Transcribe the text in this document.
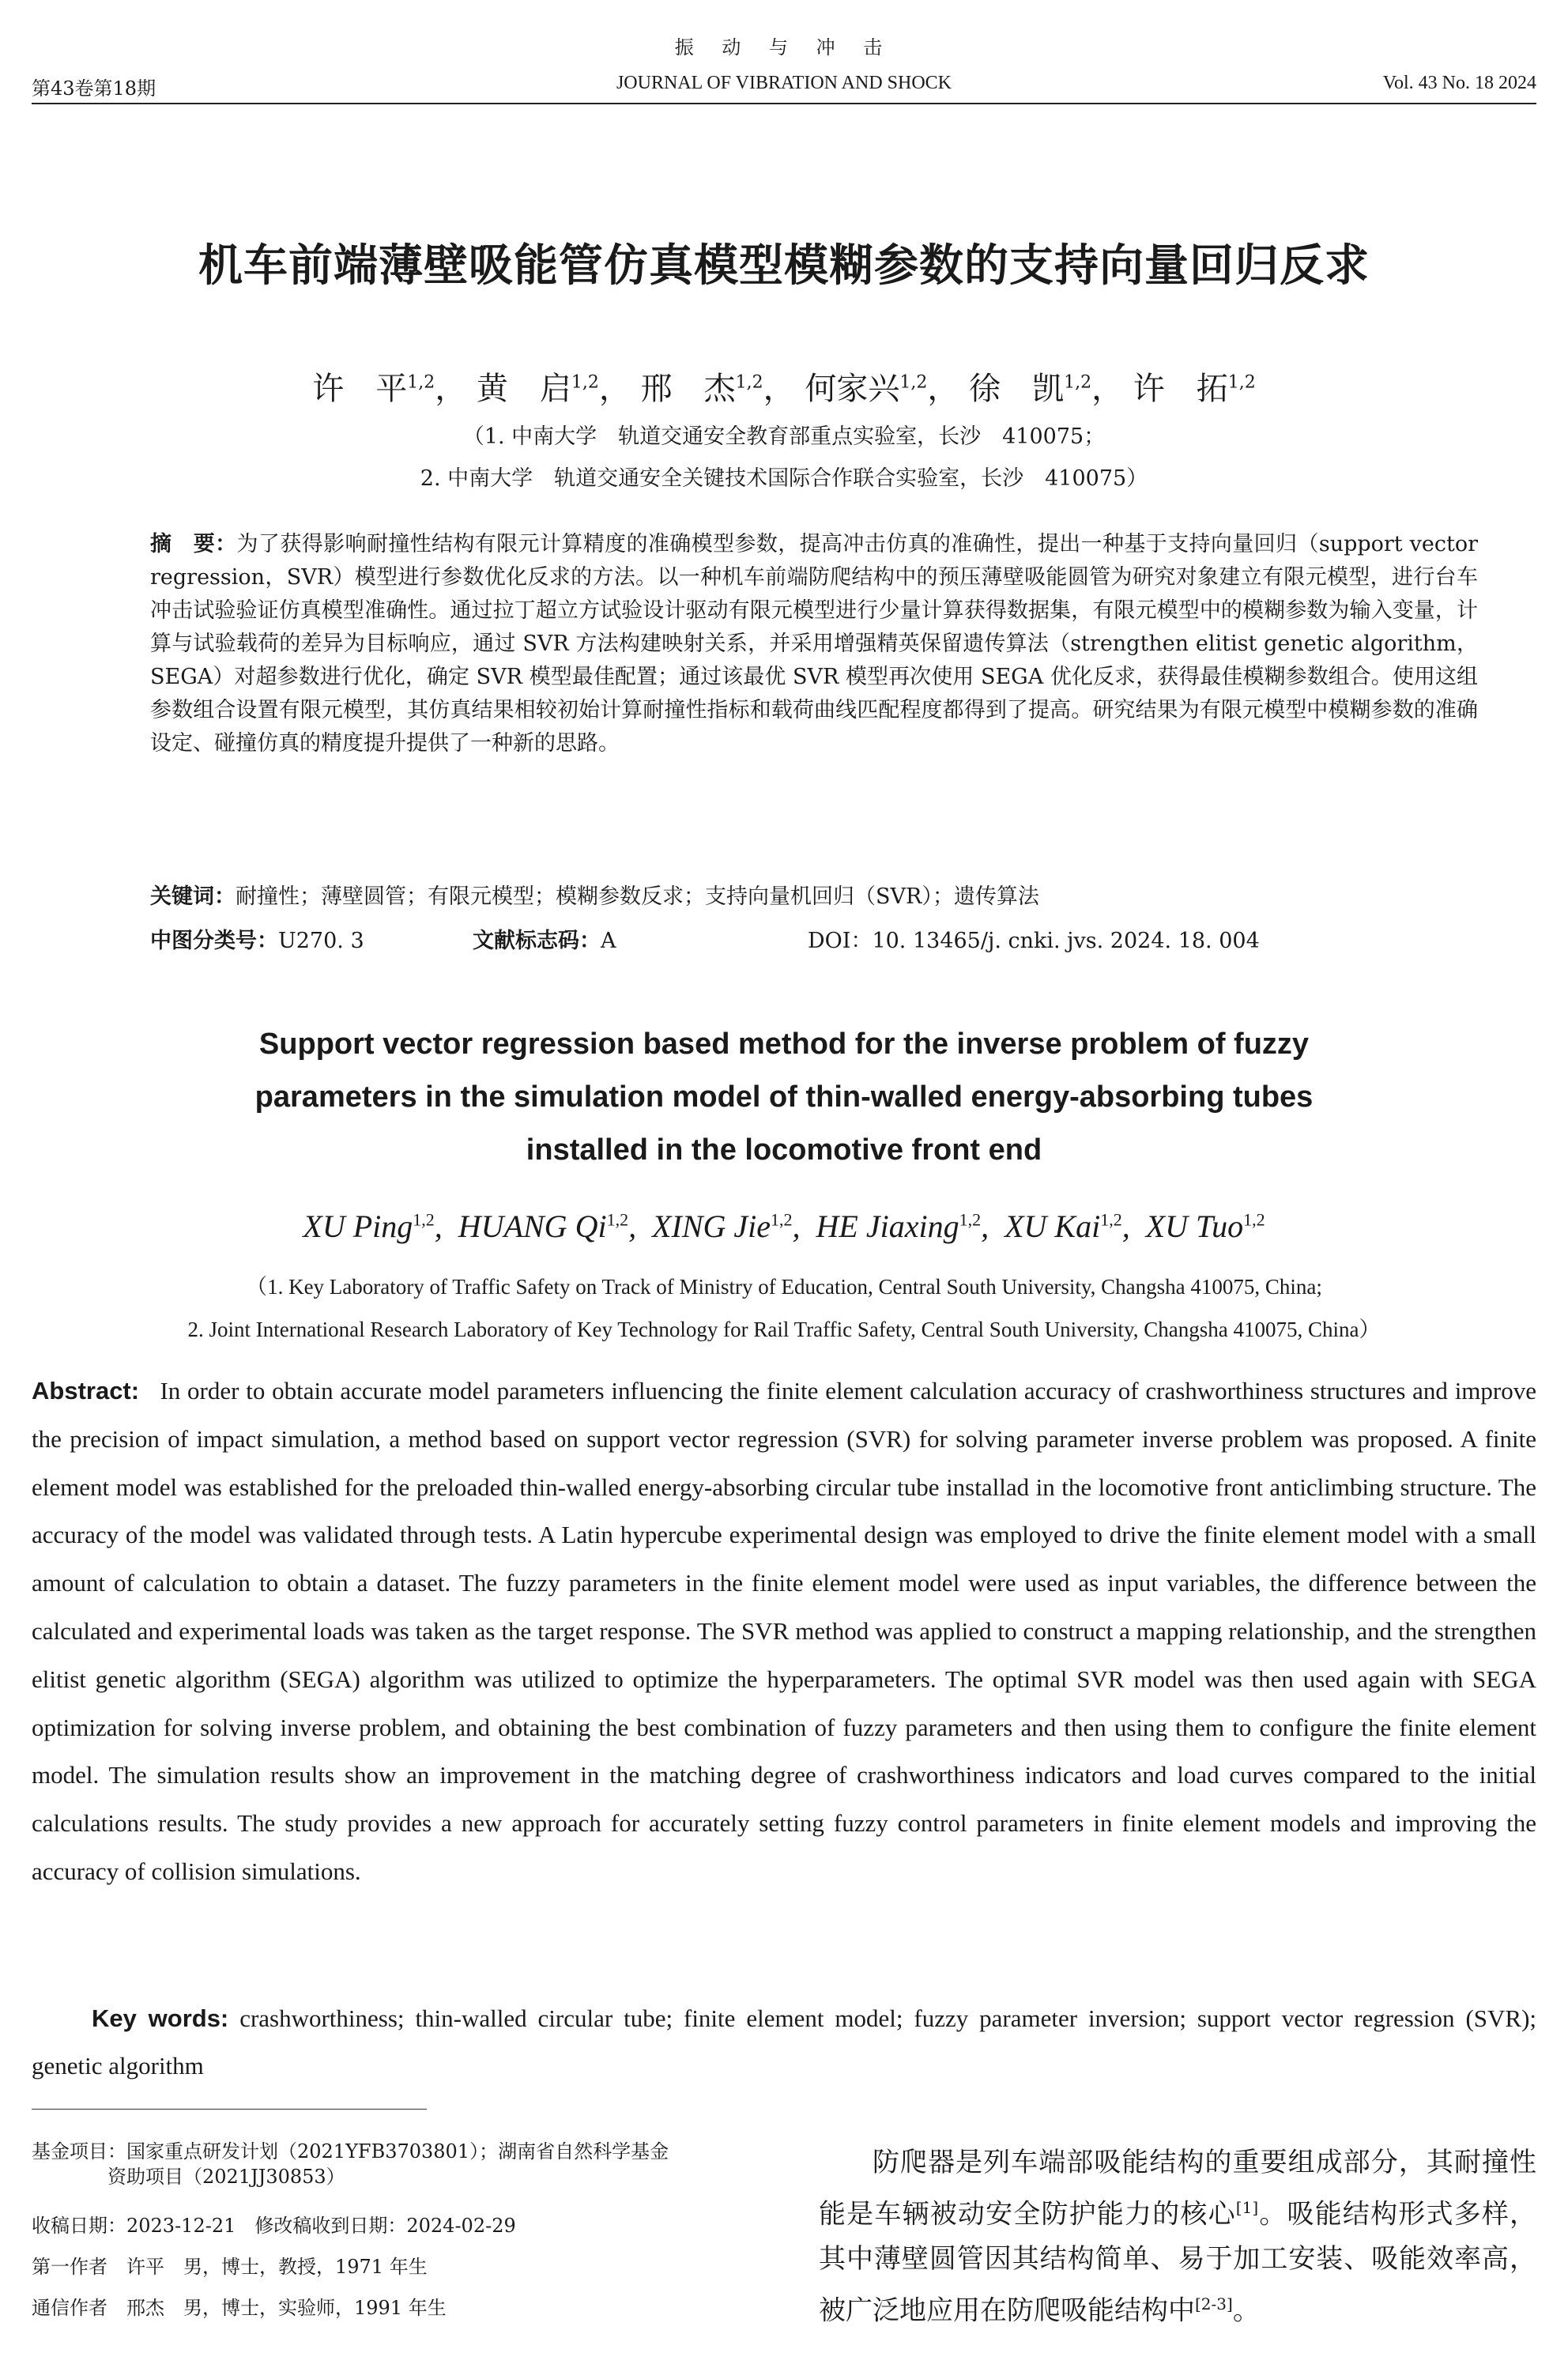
振 动 与 冲 击
第43卷第18期	JOURNAL OF VIBRATION AND SHOCK	Vol. 43 No. 18 2024
机车前端薄壁吸能管仿真模型模糊参数的支持向量回归反求
许　平$^{1,2}$， 黄　启$^{1,2}$， 邢　杰$^{1,2}$， 何家兴$^{1,2}$， 徐　凯$^{1,2}$， 许　拓$^{1,2}$
（1. 中南大学　轨道交通安全教育部重点实验室，长沙　410075；
2. 中南大学　轨道交通安全关键技术国际合作联合实验室，长沙　410075）
摘　要：为了获得影响耐撞性结构有限元计算精度的准确模型参数，提高冲击仿真的准确性，提出一种基于支持向量回归（support vector regression，SVR）模型进行参数优化反求的方法。以一种机车前端防爬结构中的预压薄壁吸能圆管为研究对象建立有限元模型，进行台车冲击试验验证仿真模型准确性。通过拉丁超立方试验设计驱动有限元模型进行少量计算获得数据集，有限元模型中的模糊参数为输入变量，计算与试验载荷的差异为目标响应，通过 SVR 方法构建映射关系，并采用增强精英保留遗传算法（strengthen elitist genetic algorithm，SEGA）对超参数进行优化，确定 SVR 模型最佳配置；通过该最优 SVR 模型再次使用 SEGA 优化反求，获得最佳模糊参数组合。使用这组参数组合设置有限元模型，其仿真结果相较初始计算耐撞性指标和载荷曲线匹配程度都得到了提高。研究结果为有限元模型中模糊参数的准确设定、碰撞仿真的精度提升提供了一种新的思路。
关键词：耐撞性；薄壁圆管；有限元模型；模糊参数反求；支持向量机回归（SVR）；遗传算法
中图分类号：U270. 3	文献标志码：A	DOI：10. 13465/j. cnki. jvs. 2024. 18. 004
Support vector regression based method for the inverse problem of fuzzy
parameters in the simulation model of thin-walled energy-absorbing tubes
installed in the locomotive front end
XU Ping$^{1,2}$,  HUANG Qi$^{1,2}$,  XING Jie$^{1,2}$,  HE Jiaxing$^{1,2}$,  XU Kai$^{1,2}$,  XU Tuo$^{1,2}$
（1. Key Laboratory of Traffic Safety on Track of Ministry of Education, Central South University, Changsha 410075, China;
2. Joint International Research Laboratory of Key Technology for Rail Traffic Safety, Central South University, Changsha 410075, China）
Abstract: In order to obtain accurate model parameters influencing the finite element calculation accuracy of crashworthiness structures and improve the precision of impact simulation, a method based on support vector regression (SVR) for solving parameter inverse problem was proposed. A finite element model was established for the preloaded thin-walled energy-absorbing circular tube installad in the locomotive front anticlimbing structure. The accuracy of the model was validated through tests. A Latin hypercube experimental design was employed to drive the finite element model with a small amount of calculation to obtain a dataset. The fuzzy parameters in the finite element model were used as input variables, the difference between the calculated and experimental loads was taken as the target response. The SVR method was applied to construct a mapping relationship, and the strengthen elitist genetic algorithm (SEGA) algorithm was utilized to optimize the hyperparameters. The optimal SVR model was then used again with SEGA optimization for solving inverse problem, and obtaining the best combination of fuzzy parameters and then using them to configure the finite element model. The simulation results show an improvement in the matching degree of crashworthiness indicators and load curves compared to the initial calculations results. The study provides a new approach for accurately setting fuzzy control parameters in finite element models and improving the accuracy of collision simulations.
Key words: crashworthiness; thin-walled circular tube; finite element model; fuzzy parameter inversion; support vector regression (SVR); genetic algorithm
基金项目：国家重点研发计划（2021YFB3703801）；湖南省自然科学基金
资助项目（2021JJ30853）
收稿日期：2023-12-21　修改稿收到日期：2024-02-29
第一作者　许平　男，博士，教授，1971 年生
通信作者　邢杰　男，博士，实验师，1991 年生
防爬器是列车端部吸能结构的重要组成部分，其耐撞性能是车辆被动安全防护能力的核心[1]。吸能结构形式多样，其中薄壁圆管因其结构简单、易于加工安装、吸能效率高，被广泛地应用在防爬吸能结构中[2-3]。
